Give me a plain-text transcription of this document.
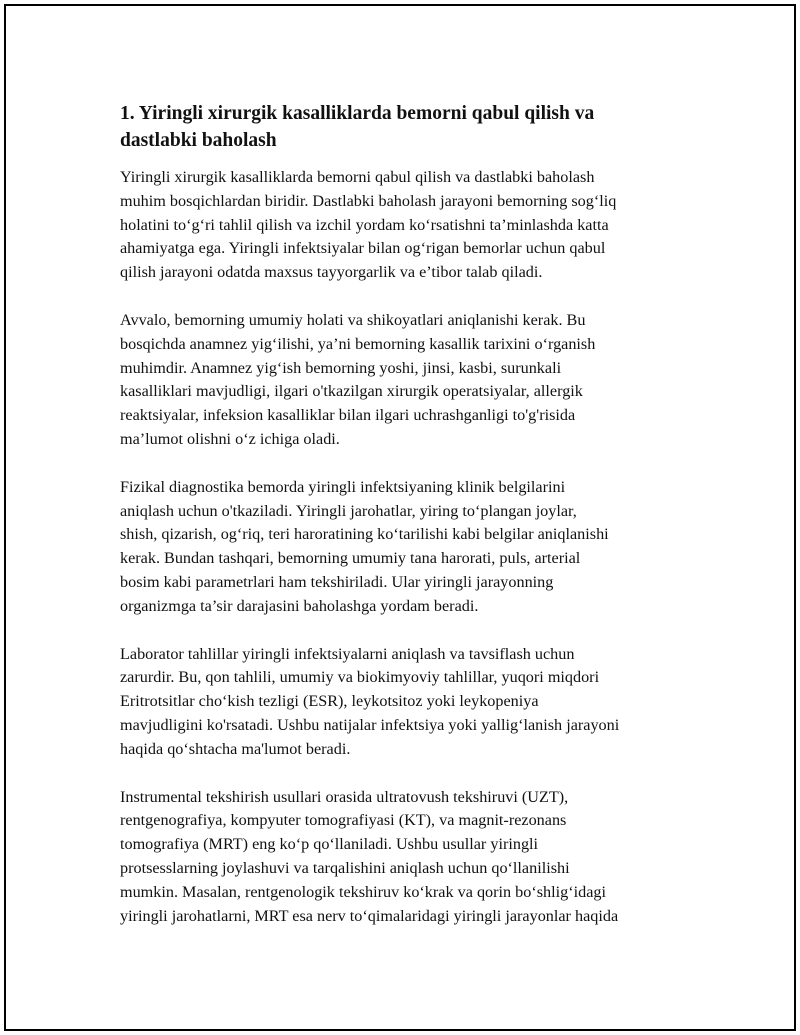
1. Yiringli xirurgik kasalliklarda bemorni qabul qilish va
dastlabki baholash

Yiringli xirurgik kasalliklarda bemorni qabul qilish va dastlabki baholash
muhim bosqichlardan biridir. Dastlabki baholash jarayoni bemorning sog‘liq
holatini to‘g‘ri tahlil qilish va izchil yordam ko‘rsatishni ta’minlashda katta
ahamiyatga ega. Yiringli infektsiyalar bilan og‘rigan bemorlar uchun qabul
qilish jarayoni odatda maxsus tayyorgarlik va e’tibor talab qiladi.

Avvalo, bemorning umumiy holati va shikoyatlari aniqlanishi kerak. Bu
bosqichda anamnez yig‘ilishi, ya’ni bemorning kasallik tarixini o‘rganish
muhimdir. Anamnez yig‘ish bemorning yoshi, jinsi, kasbi, surunkali
kasalliklari mavjudligi, ilgari o'tkazilgan xirurgik operatsiyalar, allergik
reaktsiyalar, infeksion kasalliklar bilan ilgari uchrashganligi to'g'risida
ma’lumot olishni o‘z ichiga oladi.

Fizikal diagnostika bemorda yiringli infektsiyaning klinik belgilarini
aniqlash uchun o'tkaziladi. Yiringli jarohatlar, yiring to‘plangan joylar,
shish, qizarish, og‘riq, teri haroratining ko‘tarilishi kabi belgilar aniqlanishi
kerak. Bundan tashqari, bemorning umumiy tana harorati, puls, arterial
bosim kabi parametrlari ham tekshiriladi. Ular yiringli jarayonning
organizmga ta’sir darajasini baholashga yordam beradi.

Laborator tahlillar yiringli infektsiyalarni aniqlash va tavsiflash uchun
zarurdir. Bu, qon tahlili, umumiy va biokimyoviy tahlillar, yuqori miqdori
Eritrotsitlar cho‘kish tezligi (ESR), leykotsitoz yoki leykopeniya
mavjudligini ko'rsatadi. Ushbu natijalar infektsiya yoki yallig‘lanish jarayoni
haqida qo‘shtacha ma'lumot beradi.

Instrumental tekshirish usullari orasida ultratovush tekshiruvi (UZT),
rentgenografiya, kompyuter tomografiyasi (KT), va magnit-rezonans
tomografiya (MRT) eng ko‘p qo‘llaniladi. Ushbu usullar yiringli
protsesslarning joylashuvi va tarqalishini aniqlash uchun qo‘llanilishi
mumkin. Masalan, rentgenologik tekshiruv ko‘krak va qorin bo‘shlig‘idagi
yiringli jarohatlarni, MRT esa nerv to‘qimalaridagi yiringli jarayonlar haqida
